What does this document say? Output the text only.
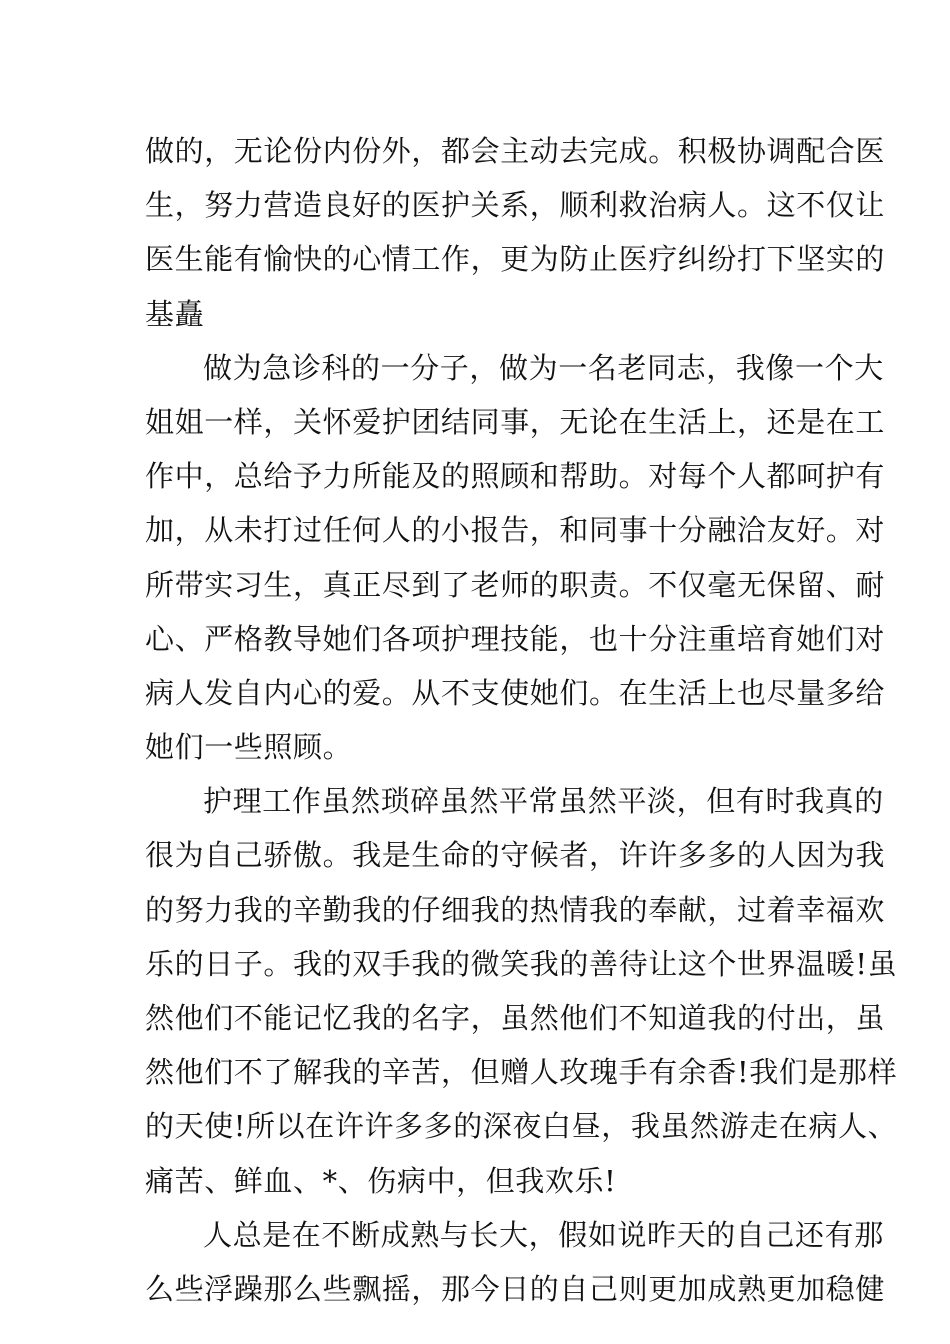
做的，无论份内份外，都会主动去完成。积极协调配合医
生，努力营造良好的医护关系，顺利救治病人。这不仅让
医生能有愉快的心情工作，更为防止医疗纠纷打下坚实的
基矗
做为急诊科的一分子，做为一名老同志，我像一个大
姐姐一样，关怀爱护团结同事，无论在生活上，还是在工
作中，总给予力所能及的照顾和帮助。对每个人都呵护有
加，从未打过任何人的小报告，和同事十分融洽友好。对
所带实习生，真正尽到了老师的职责。不仅毫无保留、耐
心、严格教导她们各项护理技能，也十分注重培育她们对
病人发自内心的爱。从不支使她们。在生活上也尽量多给
她们一些照顾。
护理工作虽然琐碎虽然平常虽然平淡，但有时我真的
很为自己骄傲。我是生命的守候者，许许多多的人因为我
的努力我的辛勤我的仔细我的热情我的奉献，过着幸福欢
乐的日子。我的双手我的微笑我的善待让这个世界温暖!虽
然他们不能记忆我的名字，虽然他们不知道我的付出，虽
然他们不了解我的辛苦，但赠人玫瑰手有余香!我们是那样
的天使!所以在许许多多的深夜白昼，我虽然游走在病人、
痛苦、鲜血、*、伤病中，但我欢乐!
人总是在不断成熟与长大，假如说昨天的自己还有那
么些浮躁那么些飘摇，那今日的自己则更加成熟更加稳健
